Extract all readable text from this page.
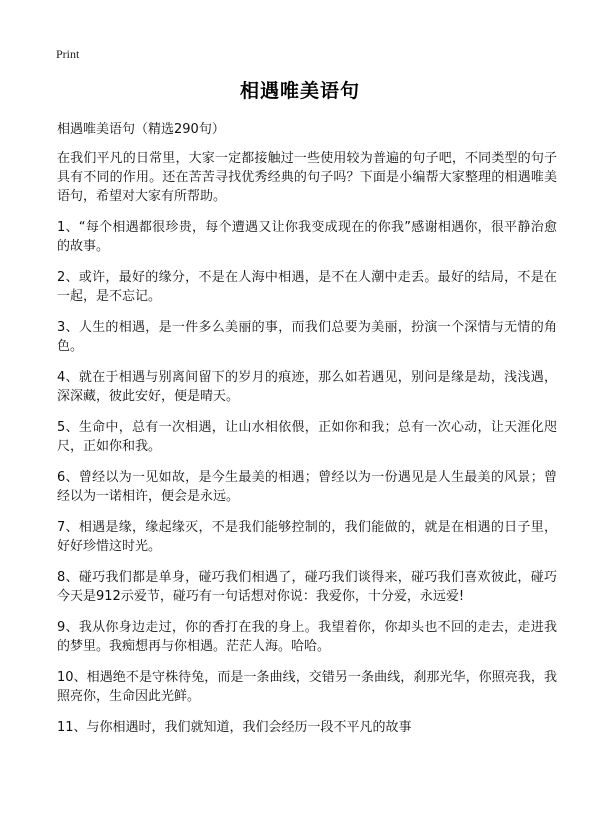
Print
相遇唯美语句
相遇唯美语句（精选290句）

在我们平凡的日常里，大家一定都接触过一些使用较为普遍的句子吧，不同类型的句子具有不同的作用。还在苦苦寻找优秀经典的句子吗？下面是小编帮大家整理的相遇唯美语句，希望对大家有所帮助。

1、“每个相遇都很珍贵，每个遭遇又让你我变成现在的你我”感谢相遇你，很平静治愈的故事。

2、或许，最好的缘分，不是在人海中相遇，是不在人潮中走丢。最好的结局，不是在一起，是不忘记。

3、人生的相遇，是一件多么美丽的事，而我们总要为美丽，扮演一个深情与无情的角色。

4、就在于相遇与别离间留下的岁月的痕迹，那么如若遇见，别问是缘是劫，浅浅遇，深深藏，彼此安好，便是晴天。

5、生命中，总有一次相遇，让山水相依偎，正如你和我；总有一次心动，让天涯化咫尺，正如你和我。

6、曾经以为一见如故，是今生最美的相遇；曾经以为一份遇见是人生最美的风景；曾经以为一诺相许，便会是永远。

7、相遇是缘，缘起缘灭，不是我们能够控制的，我们能做的，就是在相遇的日子里，好好珍惜这时光。

8、碰巧我们都是单身，碰巧我们相遇了，碰巧我们谈得来，碰巧我们喜欢彼此，碰巧今天是912示爱节，碰巧有一句话想对你说：我爱你，十分爱，永远爱!

9、我从你身边走过，你的香打在我的身上。我望着你，你却头也不回的走去，走进我的梦里。我痴想再与你相遇。茫茫人海。哈哈。

10、相遇绝不是守株待兔，而是一条曲线，交错另一条曲线，刹那光华，你照亮我，我照亮你，生命因此光鲜。

11、与你相遇时，我们就知道，我们会经历一段不平凡的故事
